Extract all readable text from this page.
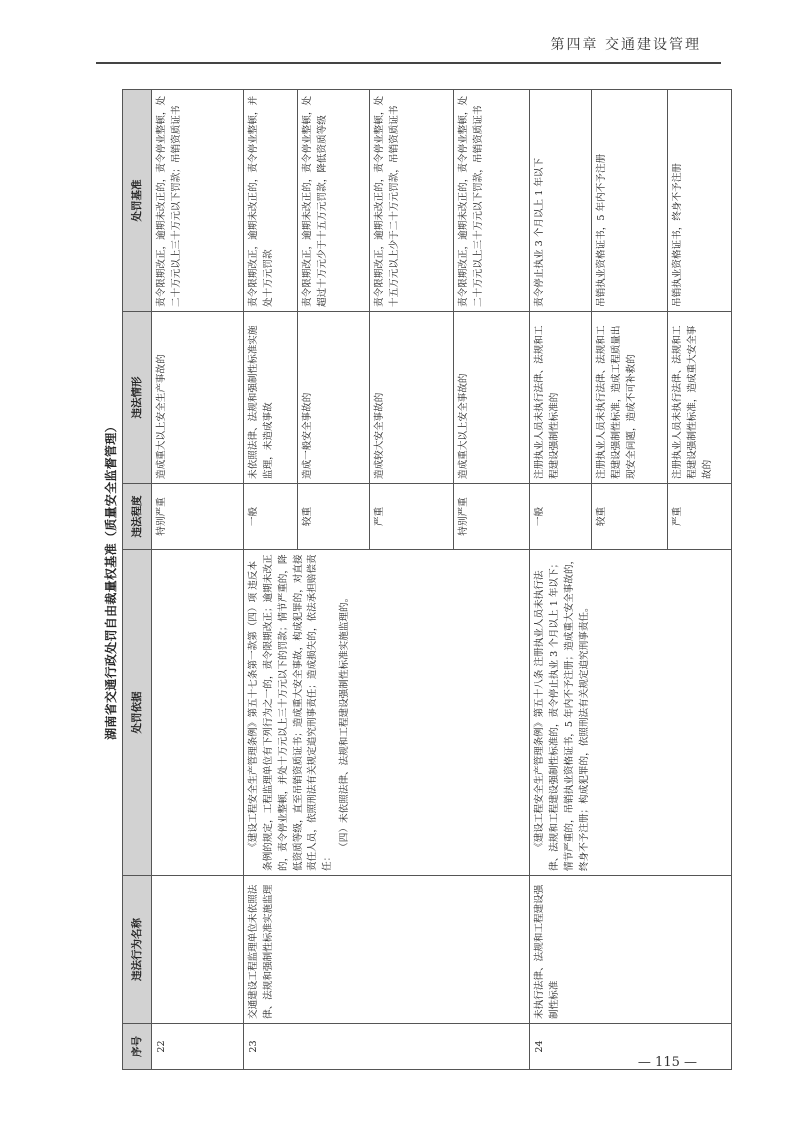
第四章 交通建设管理
湖南省交通行政处罚自由裁量权基准（质量安全监督管理）
序号	违法行为名称	处罚依据	违法程度	违法情形	处罚基准
22			特别严重	造成重大以上安全生产事故的	责令限期改正，逾期未改正的，责令停业整顿，处二十万元以上三十万元以下罚款；吊销资质证书
23	交通建设工程监理单位未依照法律、法规和强制性标准实施监理	《建设工程安全生产管理条例》第五十七条第一款第（四）项 违反本条例的规定，工程监理单位有下列行为之一的，责令限期改正；逾期未改正的，责令停业整顿，并处十万元以上三十万元以下的罚款；情节严重的，降低资质等级，直至吊销资质证书；造成重大安全事故，构成犯罪的，对直接责任人员，依照刑法有关规定追究刑事责任；造成损失的，依法承担赔偿责任：

（四）未依照法律、法规和工程建设强制性标准实施监理的。	一般	未依照法律、法规和强制性标准实施监理，未造成事故	责令限期改正，逾期未改正的，责令停业整顿，并处十万元罚款
			较重	造成一般安全事故的	责令限期改正，逾期未改正的，责令停业整顿，处超过十万元少于十五万元罚款，降低资质等级
			严重	造成较大安全事故的	责令限期改正，逾期未改正的，责令停业整顿，处十五万元以上少于二十万元罚款，吊销资质证书
			特别严重	造成重大以上安全事故的	责令限期改正，逾期未改正的，责令停业整顿，处二十万元以上三十万元以下罚款，吊销资质证书
24	未执行法律、法规和工程建设强制性标准	《建设工程安全生产管理条例》第五十八条 注册执业人员未执行法律、法规和工程建设强制性标准的，责令停止执业 3 个月以上 1 年以下；情节严重的，吊销执业资格证书，5 年内不予注册；造成重大安全事故的，终身不予注册；构成犯罪的，依照刑法有关规定追究刑事责任。	一般	注册执业人员未执行法律、法规和工程建设强制性标准的	责令停止执业 3 个月以上 1 年以下
			较重	注册执业人员未执行法律、法规和工程建设强制性标准，造成工程质量出现安全问题，造成不可补救的	吊销执业资格证书，5 年内不予注册
			严重	注册执业人员未执行法律、法规和工程建设强制性标准，造成重大安全事故的	吊销执业资格证书，终身不予注册
— 115 —
